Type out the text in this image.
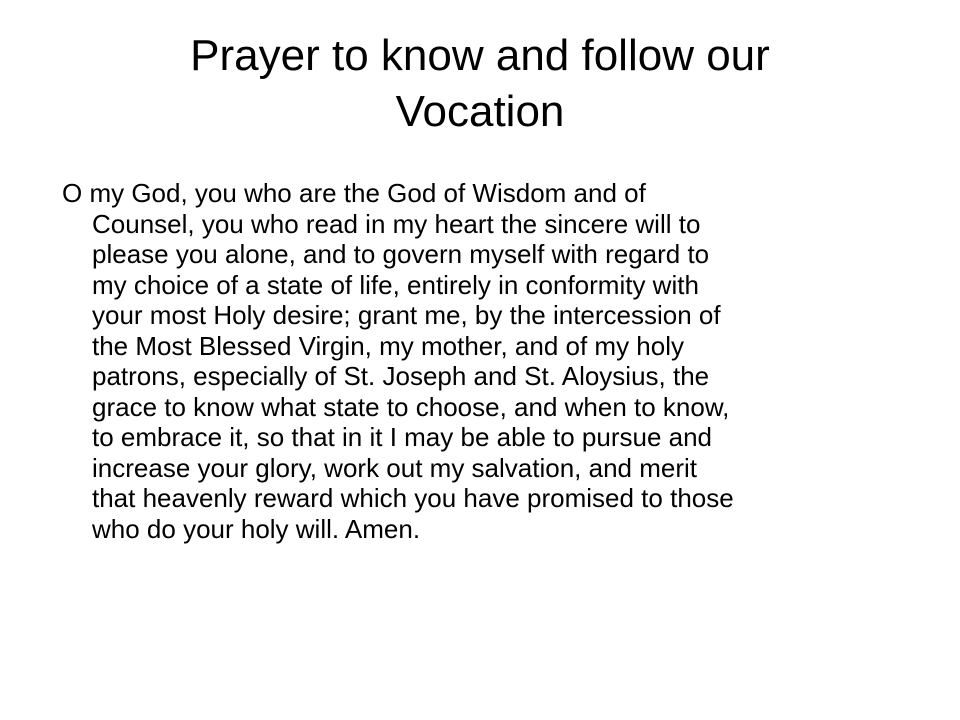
Prayer to know and follow our
Vocation
O my God, you who are the God of Wisdom and of
Counsel, you who read in my heart the sincere will to
please you alone, and to govern myself with regard to
my choice of a state of life, entirely in conformity with
your most Holy desire; grant me, by the intercession of
the Most Blessed Virgin, my mother, and of my holy
patrons, especially of St. Joseph and St. Aloysius, the
grace to know what state to choose, and when to know,
to embrace it, so that in it I may be able to pursue and
increase your glory, work out my salvation, and merit
that heavenly reward which you have promised to those
who do your holy will. Amen.
